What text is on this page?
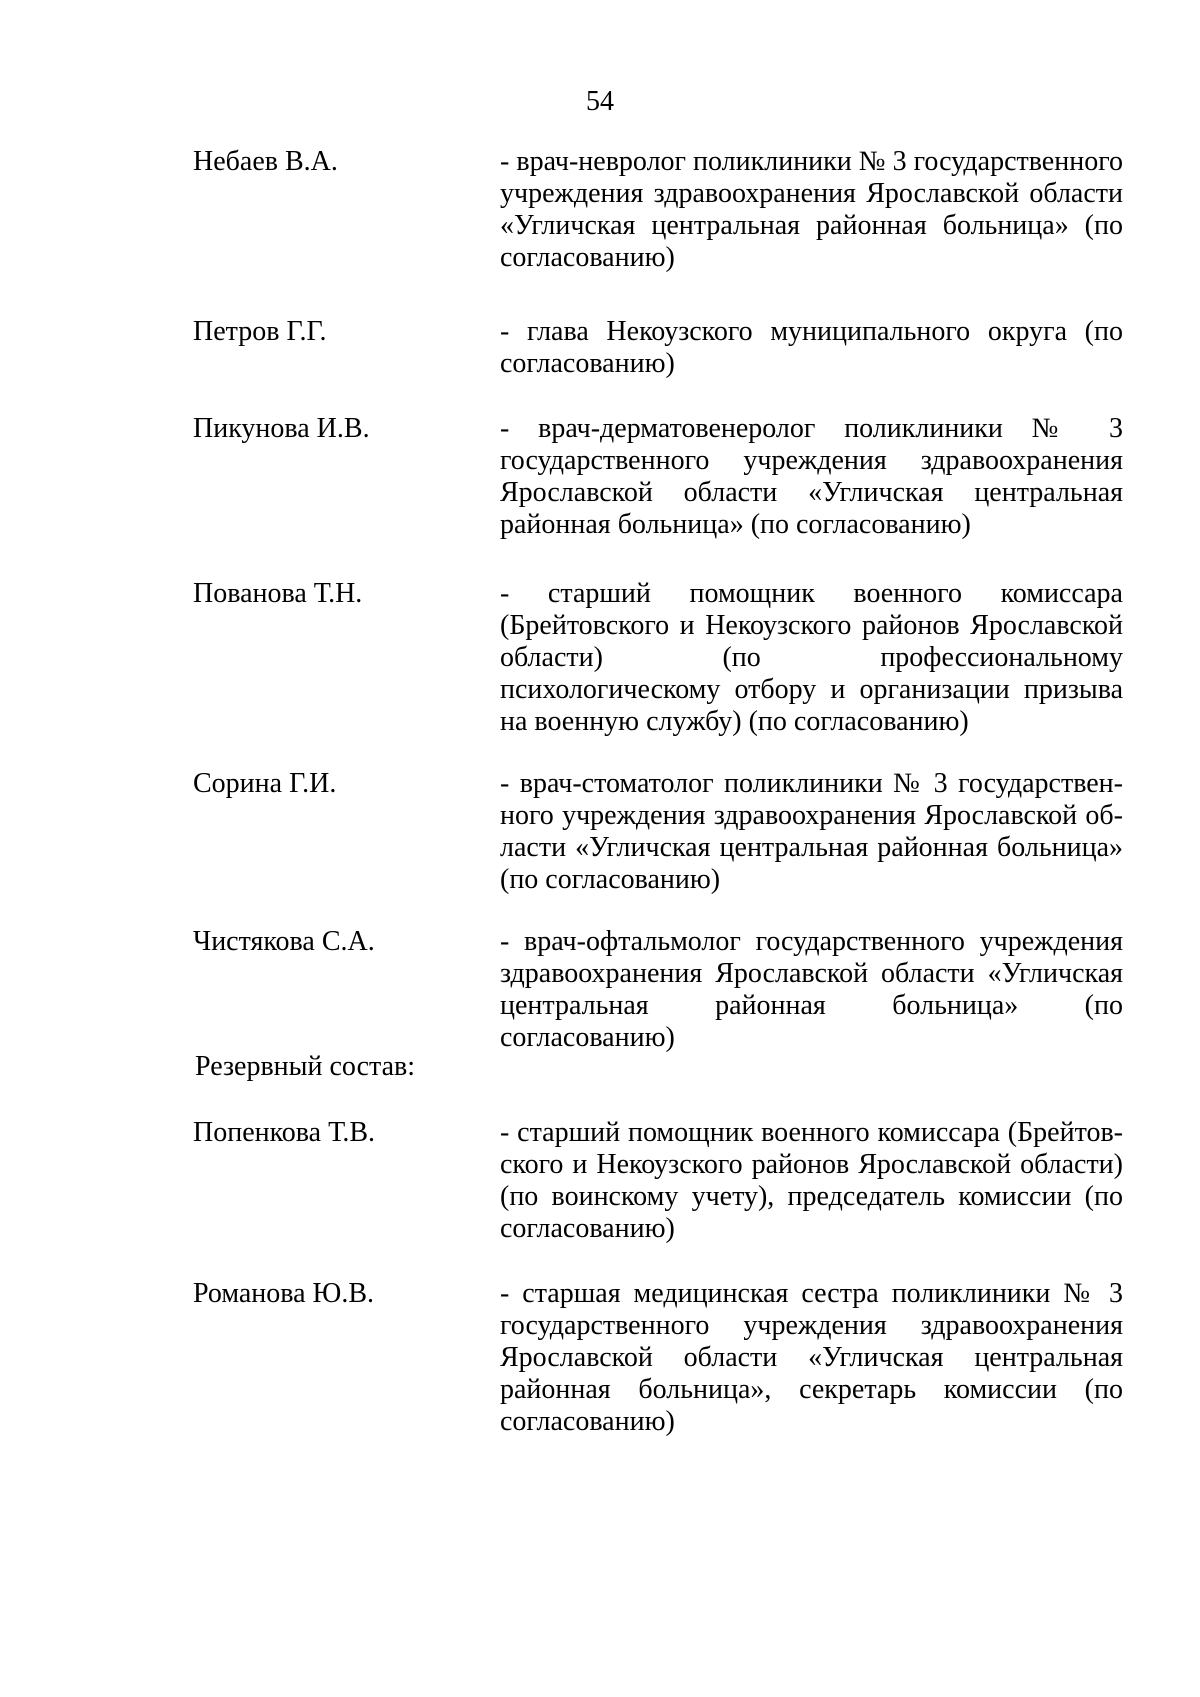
54
Небаев В.А.	- врач-невролог поликлиники № 3 государственного учреждения здравоохранения Ярославской области «Угличская центральная районная больница» (по согласованию)
Петров Г.Г.	- глава Некоузского муниципального округа (по согласованию)
Пикунова И.В.	- врач-дерматовенеролог поликлиники № 3 государственного учреждения здравоохранения Ярославской области «Угличская центральная районная больница» (по согласованию)
Пованова Т.Н.	- старший помощник военного комиссара (Брейтовского и Некоузского районов Ярославской области) (по профессиональному психологическому отбору и организации призыва на военную службу) (по согласованию)
Сорина Г.И.	- врач-стоматолог поликлиники № 3 государствен-ного учреждения здравоохранения Ярославской об-ласти «Угличская центральная районная больница» (по согласованию)
Чистякова С.А.	- врач-офтальмолог государственного учреждения здравоохранения Ярославской области «Угличская центральная районная больница» (по согласованию)
Резервный состав:
Попенкова Т.В.	- старший помощник военного комиссара (Брейтов-ского и Некоузского районов Ярославской области) (по воинскому учету), председатель комиссии (по согласованию)
Романова Ю.В.	- старшая медицинская сестра поликлиники № 3 государственного учреждения здравоохранения Ярославской области «Угличская центральная районная больница», секретарь комиссии (по согласованию)
